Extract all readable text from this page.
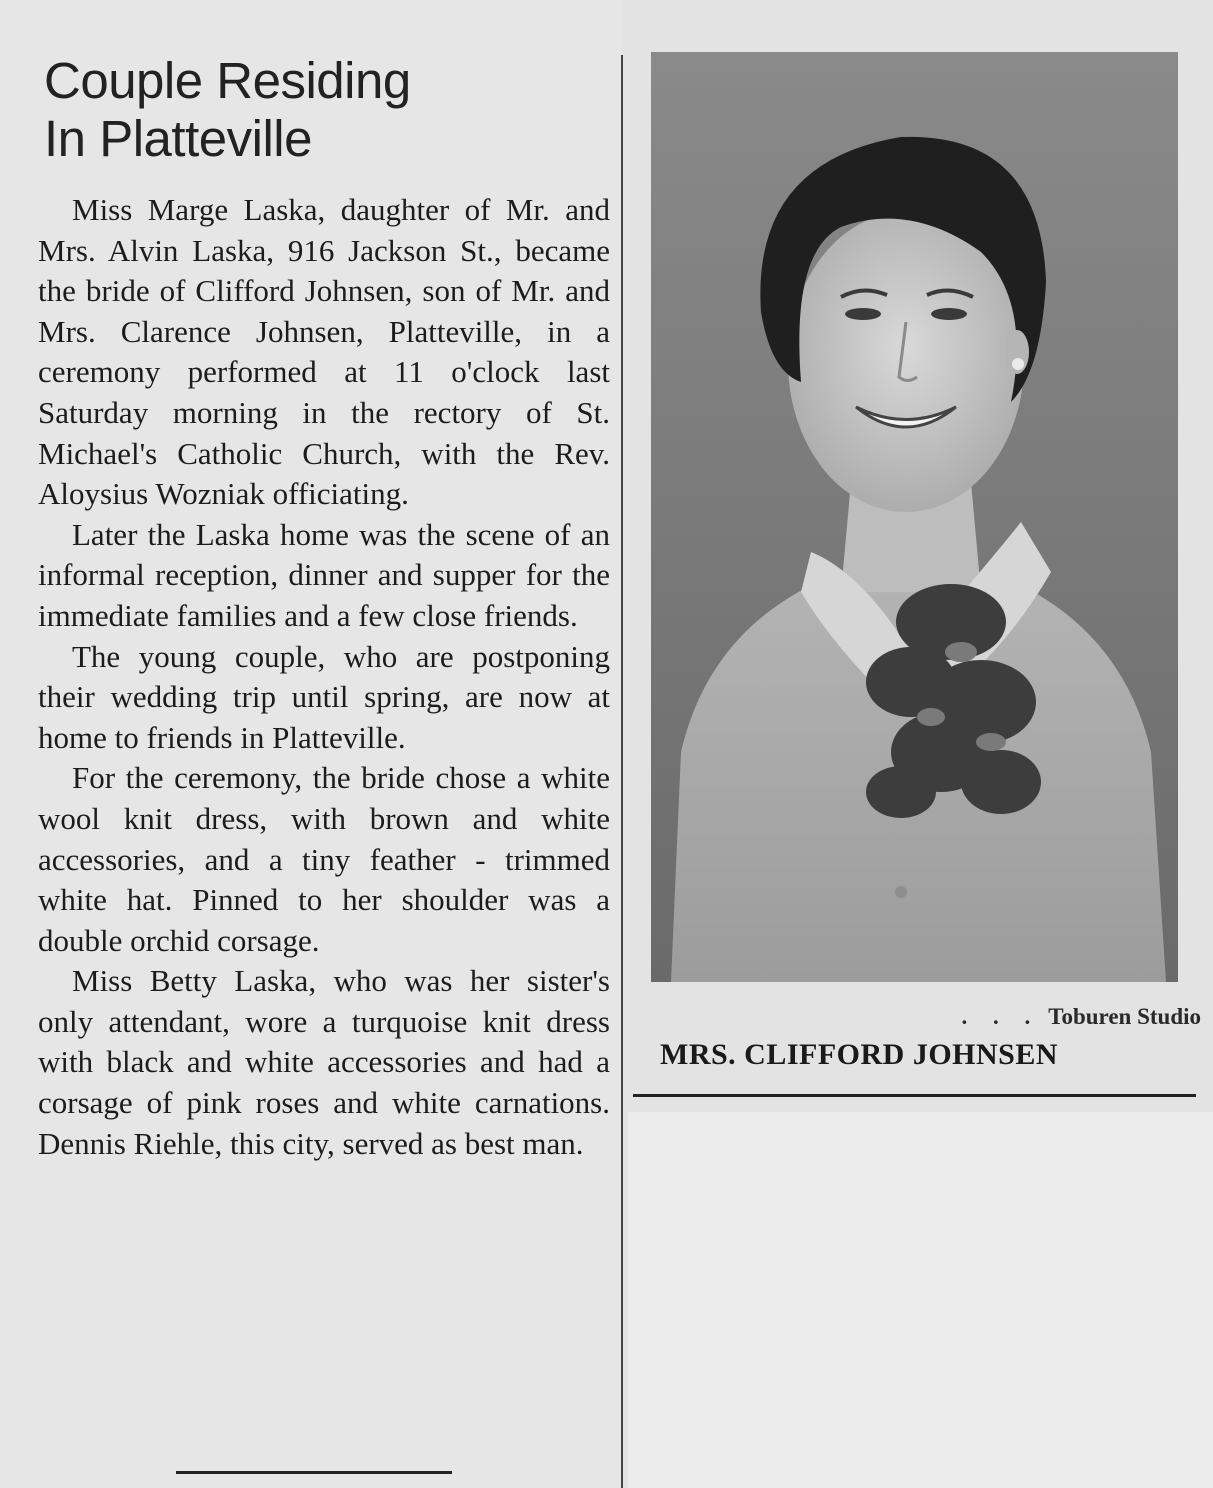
Couple Residing
In Platteville

Miss Marge Laska, daughter of Mr. and Mrs. Alvin Laska, 916 Jackson St., became the bride of Clifford Johnsen, son of Mr. and Mrs. Clarence Johnsen, Platteville, in a ceremony performed at 11 o'clock last Saturday morning in the rectory of St. Michael's Catholic Church, with the Rev. Aloysius Wozniak officiating.

Later the Laska home was the scene of an informal reception, dinner and supper for the immediate families and a few close friends.

The young couple, who are postponing their wedding trip until spring, are now at home to friends in Platteville.

For the ceremony, the bride chose a white wool knit dress, with brown and white accessories, and a tiny feather - trimmed white hat. Pinned to her shoulder was a double orchid corsage.

Miss Betty Laska, who was her sister's only attendant, wore a turquoise knit dress with black and white accessories and had a corsage of pink roses and white carnations. Dennis Riehle, this city, served as best man.

. . . Toburen Studio
MRS. CLIFFORD JOHNSEN
